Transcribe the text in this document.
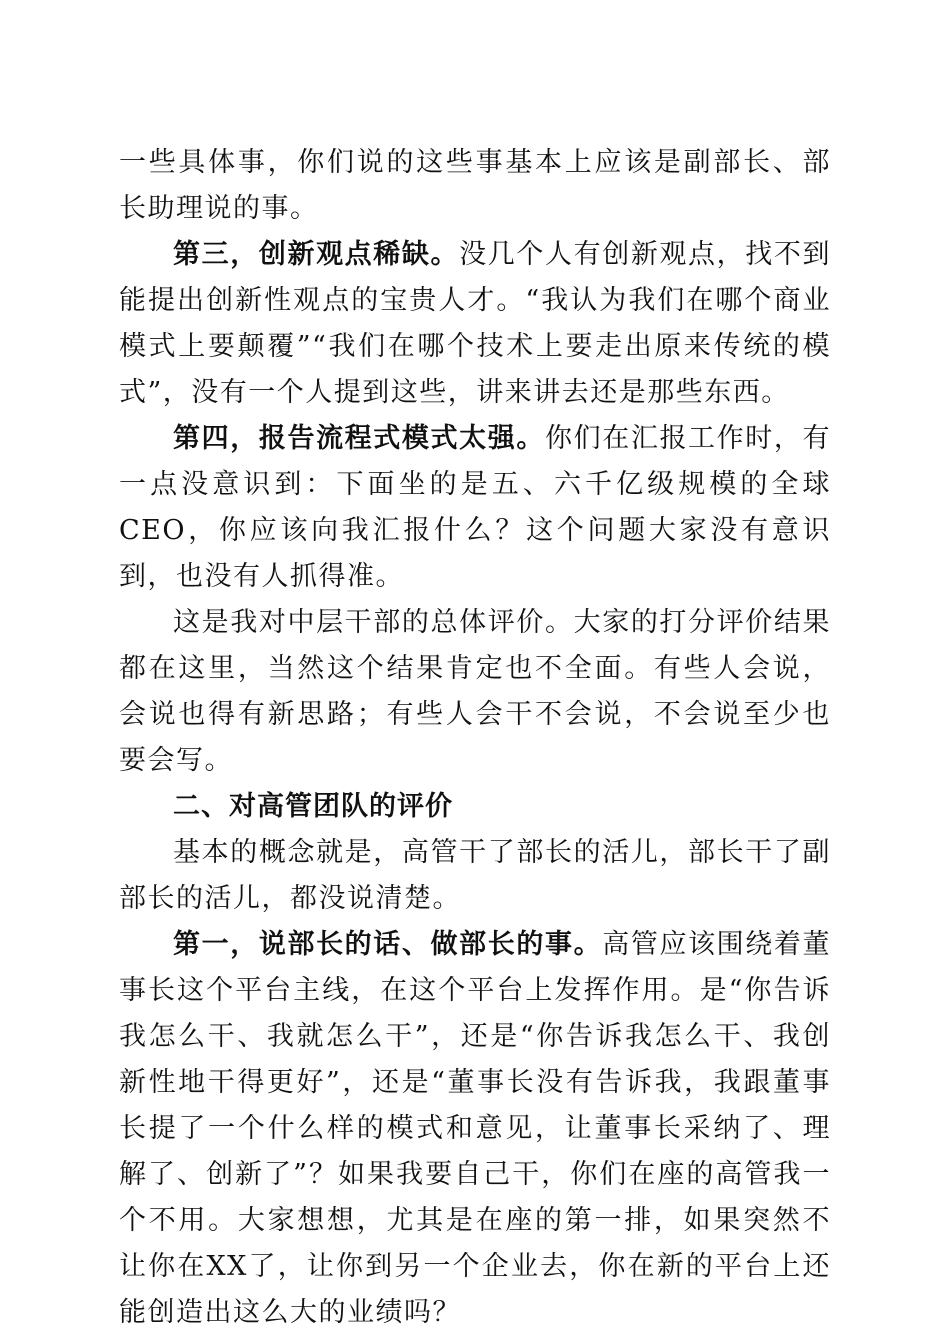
一些具体事，你们说的这些事基本上应该是副部长、部长助理说的事。

第三，创新观点稀缺。没几个人有创新观点，找不到能提出创新性观点的宝贵人才。“我认为我们在哪个商业模式上要颠覆”“我们在哪个技术上要走出原来传统的模式”，没有一个人提到这些，讲来讲去还是那些东西。

第四，报告流程式模式太强。你们在汇报工作时，有一点没意识到：下面坐的是五、六千亿级规模的全球CEO，你应该向我汇报什么？这个问题大家没有意识到，也没有人抓得准。

这是我对中层干部的总体评价。大家的打分评价结果都在这里，当然这个结果肯定也不全面。有些人会说，会说也得有新思路；有些人会干不会说，不会说至少也要会写。

二、对高管团队的评价

基本的概念就是，高管干了部长的活儿，部长干了副部长的活儿，都没说清楚。

第一，说部长的话、做部长的事。高管应该围绕着董事长这个平台主线，在这个平台上发挥作用。是“你告诉我怎么干、我就怎么干”，还是“你告诉我怎么干、我创新性地干得更好”，还是“董事长没有告诉我，我跟董事长提了一个什么样的模式和意见，让董事长采纳了、理解了、创新了”？如果我要自己干，你们在座的高管我一个不用。大家想想，尤其是在座的第一排，如果突然不让你在XX了，让你到另一个企业去，你在新的平台上还能创造出这么大的业绩吗？
